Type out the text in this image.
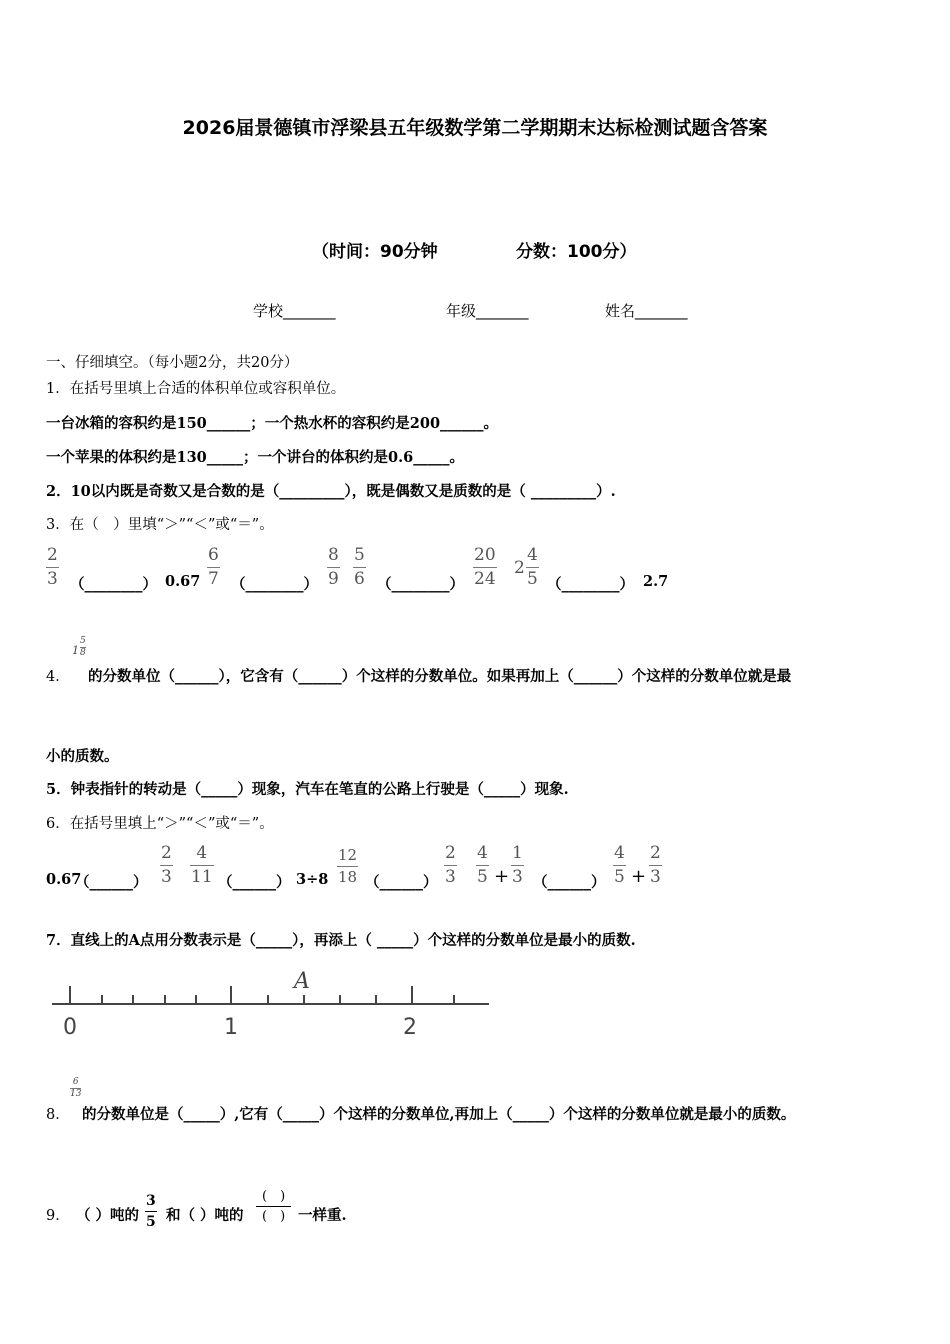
2026届景德镇市浮梁县五年级数学第二学期期末达标检测试题含答案
（时间：90分钟	分数：100分）
学校_______	年级_______	姓名_______
一、仔细填空。（每小题2分，共20分）
1．在括号里填上合适的体积单位或容积单位。
一台冰箱的容积约是150______；一个热水杯的容积约是200______。
一个苹果的体积约是130_____；一个讲台的体积约是0.6_____。
2．10以内既是奇数又是合数的是（_________），既是偶数又是质数的是（ _________）.
3．在（　）里填“＞”“＜”或“＝”。
$\frac{2}{3}$ （________） $0.67 \frac{6}{7}$ （________） $\frac{8}{9} \frac{5}{6}$ （________） $\frac{20}{24} 2 \frac{4}{5}$ （________） 2.7
4．
$1 \frac{5}{8}$
的分数单位（______），它含有（______）个这样的分数单位。如果再加上（______）个这样的分数单位就是最
小的质数。
5．钟表指针的转动是（_____）现象，汽车在笔直的公路上行驶是（_____）现象.
6．在括号里填上“＞”“＜”或“＝”。
0.67
（______） $\frac{2}{3} \frac{4}{11}$ （______） $3\div 8 \frac{12}{18}$ （______） $\frac{2}{3} \frac{4}{5} + \frac{1}{3}$ （______） $\frac{4}{5} + \frac{2}{3}$
7．直线上的A点用分数表示是（_____），再添上（ _____）个这样的分数单位是最小的质数.
A
0	1	2
8．
$\frac{6}{13}$
的分数单位是（_____）,它有（_____）个这样的分数单位,再加上（_____）个这样的分数单位就是最小的质数。
9． （ ）吨的 $\frac{3}{5}$ 和（ ）吨的
(　)
(　) 一样重.
